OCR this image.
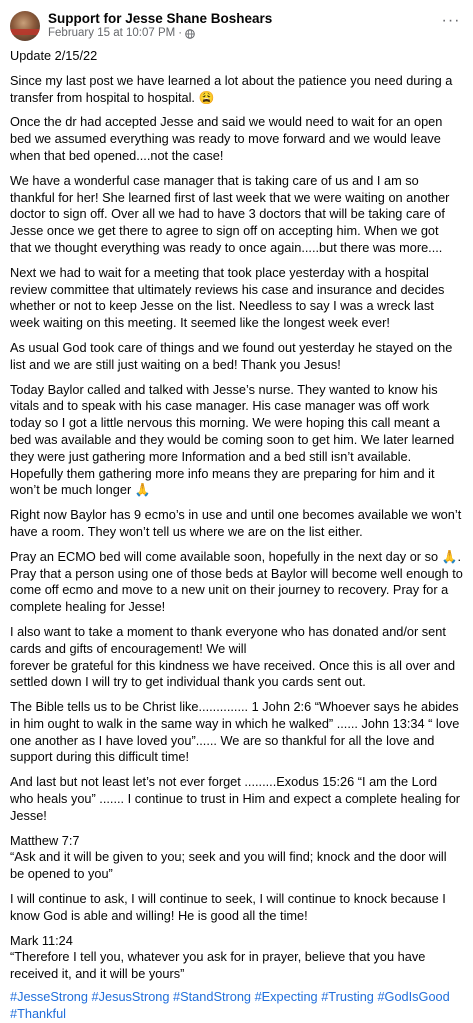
Support for Jesse Shane Boshears
February 15 at 10:07 PM ·
···

Update 2/15/22

Since my last post we have learned a lot about the patience you need during a transfer from hospital to hospital. 😩

Once the dr had accepted Jesse and said we would need to wait for an open bed we assumed everything was ready to move forward and we would leave when that bed opened....not the case!

We have a wonderful case manager that is taking care of us and I am so thankful for her! She learned first of last week that we were waiting on another doctor to sign off. Over all we had to have 3 doctors that will be taking care of Jesse once we get there to agree to sign off on accepting him. When we got that we thought everything was ready to once again.....but there was more....

Next we had to wait for a meeting that took place yesterday with a hospital review committee that ultimately reviews his case and insurance and decides whether or not to keep Jesse on the list. Needless to say I was a wreck last week waiting on this meeting. It seemed like the longest week ever!

As usual God took care of things and we found out yesterday he stayed on the list and we are still just waiting on a bed! Thank you Jesus!

Today Baylor called and talked with Jesse’s nurse. They wanted to know his vitals and to speak with his case manager. His case manager was off work today so I got a little nervous this morning. We were hoping this call meant a bed was available and they would be coming soon to get him. We later learned they were just gathering more Information and a bed still isn’t available. Hopefully them gathering more info means they are preparing for him and it won’t be much longer 🙏

Right now Baylor has 9 ecmo’s in use and until one becomes available we won’t have a room. They won’t tell us where we are on the list either.

Pray an ECMO bed will come available soon, hopefully in the next day or so 🙏. Pray that a person using one of those beds at Baylor will become well enough to come off ecmo and move to a new unit on their journey to recovery. Pray for a complete healing for Jesse!

I also want to take a moment to thank everyone who has donated and/or sent cards and gifts of encouragement! We will
forever be grateful for this kindness we have received. Once this is all over and settled down I will try to get individual thank you cards sent out.

The Bible tells us to be Christ like.............. 1 John 2:6 “Whoever says he abides in him ought to walk in the same way in which he walked” ...... John 13:34 “ love one another as I have loved you”...... We are so thankful for all the love and support during this difficult time!

And last but not least let’s not ever forget .........Exodus 15:26 “I am the Lord who heals you” ....... I continue to trust in Him and expect a complete healing for Jesse!

Matthew 7:7
“Ask and it will be given to you; seek and you will find; knock and the door will be opened to you”

I will continue to ask, I will continue to seek, I will continue to knock because I know God is able and willing! He is good all the time!

Mark 11:24
“Therefore I tell you, whatever you ask for in prayer, believe that you have received it, and it will be yours”

#JesseStrong #JesusStrong #StandStrong #Expecting #Trusting #GodIsGood #Thankful
